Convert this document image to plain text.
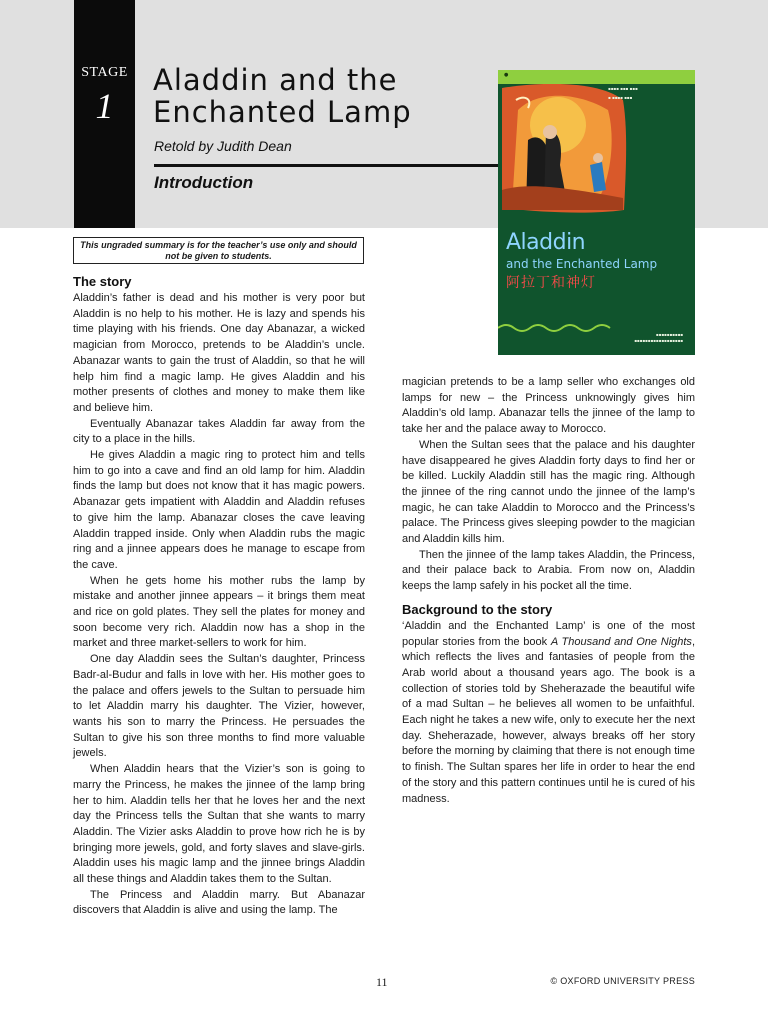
STAGE
1
Aladdin and the Enchanted Lamp
Retold by Judith Dean
Introduction
●
▪▪▪▪ ▪▪▪ ▪▪▪
▪ ▪▪▪▪ ▪▪▪
Aladdin
and the Enchanted Lamp
阿拉丁和神灯
▪▪▪▪▪▪▪▪▪▪
▪▪▪▪▪▪▪▪▪▪▪▪▪▪▪▪▪▪
This ungraded summary is for the teacher’s use only and should not be given to students.
The story

Aladdin’s father is dead and his mother is very poor but Aladdin is no help to his mother. He is lazy and spends his time playing with his friends. One day Abanazar, a wicked magician from Morocco, pretends to be Aladdin’s uncle. Abanazar wants to gain the trust of Aladdin, so that he will help him find a magic lamp. He gives Aladdin and his mother presents of clothes and money to make them like and believe him.

Eventually Abanazar takes Aladdin far away from the city to a place in the hills.

He gives Aladdin a magic ring to protect him and tells him to go into a cave and find an old lamp for him. Aladdin finds the lamp but does not know that it has magic powers. Abanazar gets impatient with Aladdin and Aladdin refuses to give him the lamp. Abanazar closes the cave leaving Aladdin trapped inside. Only when Aladdin rubs the magic ring and a jinnee appears does he manage to escape from the cave.

When he gets home his mother rubs the lamp by mistake and another jinnee appears – it brings them meat and rice on gold plates. They sell the plates for money and soon become very rich. Aladdin now has a shop in the market and three market-sellers to work for him.

One day Aladdin sees the Sultan’s daughter, Princess Badr-al-Budur and falls in love with her. His mother goes to the palace and offers jewels to the Sultan to persuade him to let Aladdin marry his daughter. The Vizier, however, wants his son to marry the Princess. He persuades the Sultan to give his son three months to find more valuable jewels.

When Aladdin hears that the Vizier’s son is going to marry the Princess, he makes the jinnee of the lamp bring her to him. Aladdin tells her that he loves her and the next day the Princess tells the Sultan that she wants to marry Aladdin. The Vizier asks Aladdin to prove how rich he is by bringing more jewels, gold, and forty slaves and slave-girls. Aladdin uses his magic lamp and the jinnee brings Aladdin all these things and Aladdin takes them to the Sultan.

The Princess and Aladdin marry. But Abanazar discovers that Aladdin is alive and using the lamp. The

magician pretends to be a lamp seller who exchanges old lamps for new – the Princess unknowingly gives him Aladdin’s old lamp. Abanazar tells the jinnee of the lamp to take her and the palace away to Morocco.

When the Sultan sees that the palace and his daughter have disappeared he gives Aladdin forty days to find her or be killed. Luckily Aladdin still has the magic ring. Although the jinnee of the ring cannot undo the jinnee of the lamp’s magic, he can take Aladdin to Morocco and the Princess’s palace. The Princess gives sleeping powder to the magician and Aladdin kills him.

Then the jinnee of the lamp takes Aladdin, the Princess, and their palace back to Arabia. From now on, Aladdin keeps the lamp safely in his pocket all the time.

Background to the story

‘Aladdin and the Enchanted Lamp’ is one of the most popular stories from the book A Thousand and One Nights, which reflects the lives and fantasies of people from the Arab world about a thousand years ago. The book is a collection of stories told by Sheherazade the beautiful wife of a mad Sultan – he believes all women to be unfaithful. Each night he takes a new wife, only to execute her the next day. Sheherazade, however, always breaks off her story before the morning by claiming that there is not enough time to finish. The Sultan spares her life in order to hear the end of the story and this pattern continues until he is cured of his madness.

11	© OXFORD UNIVERSITY PRESS
